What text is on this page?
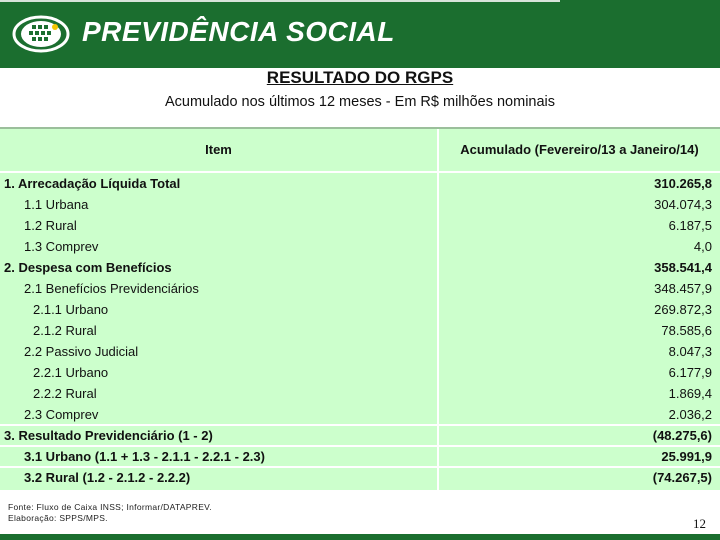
PREVIDÊNCIA SOCIAL
RESULTADO DO RGPS
Acumulado nos últimos 12 meses - Em R$ milhões nominais
Item	Acumulado (Fevereiro/13 a Janeiro/14)
1. Arrecadação Líquida Total	310.265,8
1.1 Urbana	304.074,3
1.2 Rural	6.187,5
1.3 Comprev	4,0
2. Despesa com Benefícios	358.541,4
2.1 Benefícios Previdenciários	348.457,9
2.1.1 Urbano	269.872,3
2.1.2 Rural	78.585,6
2.2 Passivo Judicial	8.047,3
2.2.1 Urbano	6.177,9
2.2.2 Rural	1.869,4
2.3 Comprev	2.036,2
3. Resultado Previdenciário (1 - 2)	(48.275,6)
3.1 Urbano (1.1 + 1.3 - 2.1.1 - 2.2.1 - 2.3)	25.991,9
3.2 Rural (1.2 - 2.1.2 - 2.2.2)	(74.267,5)
Fonte: Fluxo de Caixa INSS; Informar/DATAPREV.
Elaboração: SPPS/MPS.	12
